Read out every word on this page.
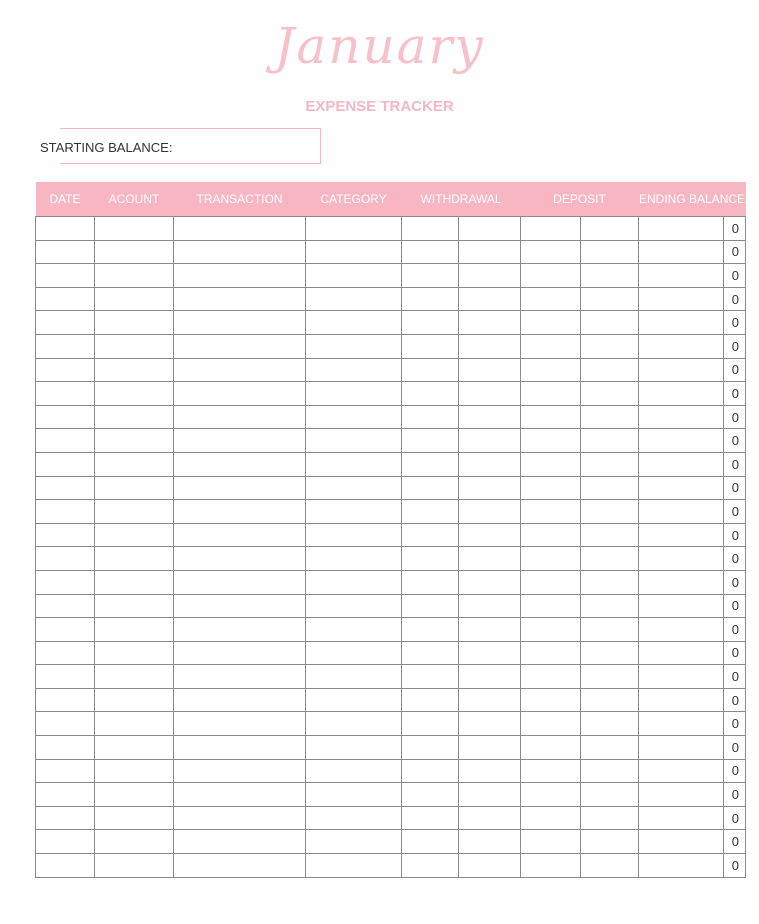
January
EXPENSE TRACKER
STARTING BALANCE:
DATE	ACOUNT	TRANSACTION	CATEGORY	WITHDRAWAL		DEPOSIT		ENDING BALANCE	
									0
									0
									0
									0
									0
									0
									0
									0
									0
									0
									0
									0
									0
									0
									0
									0
									0
									0
									0
									0
									0
									0
									0
									0
									0
									0
									0
									0
